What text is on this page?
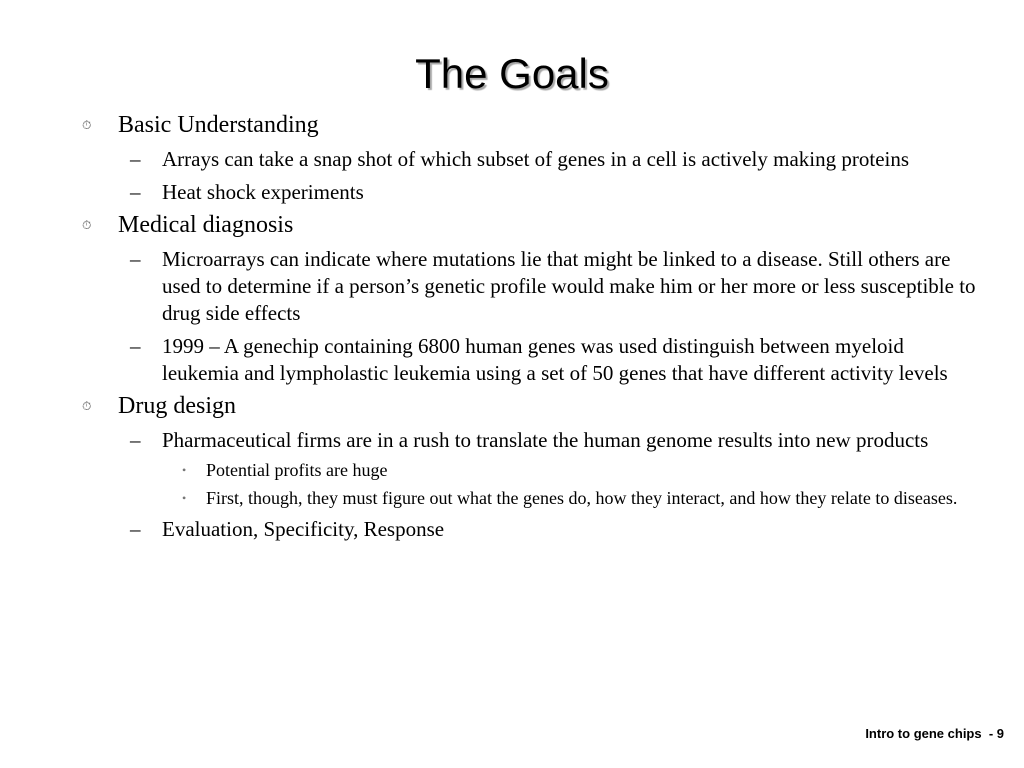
The Goals
⏱ Basic Understanding
– Arrays can take a snap shot of which subset of genes in a cell is actively making proteins
– Heat shock experiments
⏱ Medical diagnosis
– Microarrays can indicate where mutations lie that might be linked to a disease. Still others are used to determine if a person’s genetic profile would make him or her more or less susceptible to drug side effects
– 1999 – A genechip containing 6800 human genes was used distinguish between myeloid leukemia and lympholastic leukemia using a set of 50 genes that have different activity levels
⏱ Drug design
– Pharmaceutical firms are in a rush to translate the human genome results into new products
• Potential profits are huge
• First, though, they must figure out what the genes do, how they interact, and how they relate to diseases.
– Evaluation, Specificity, Response
Intro to gene chips  - 9
